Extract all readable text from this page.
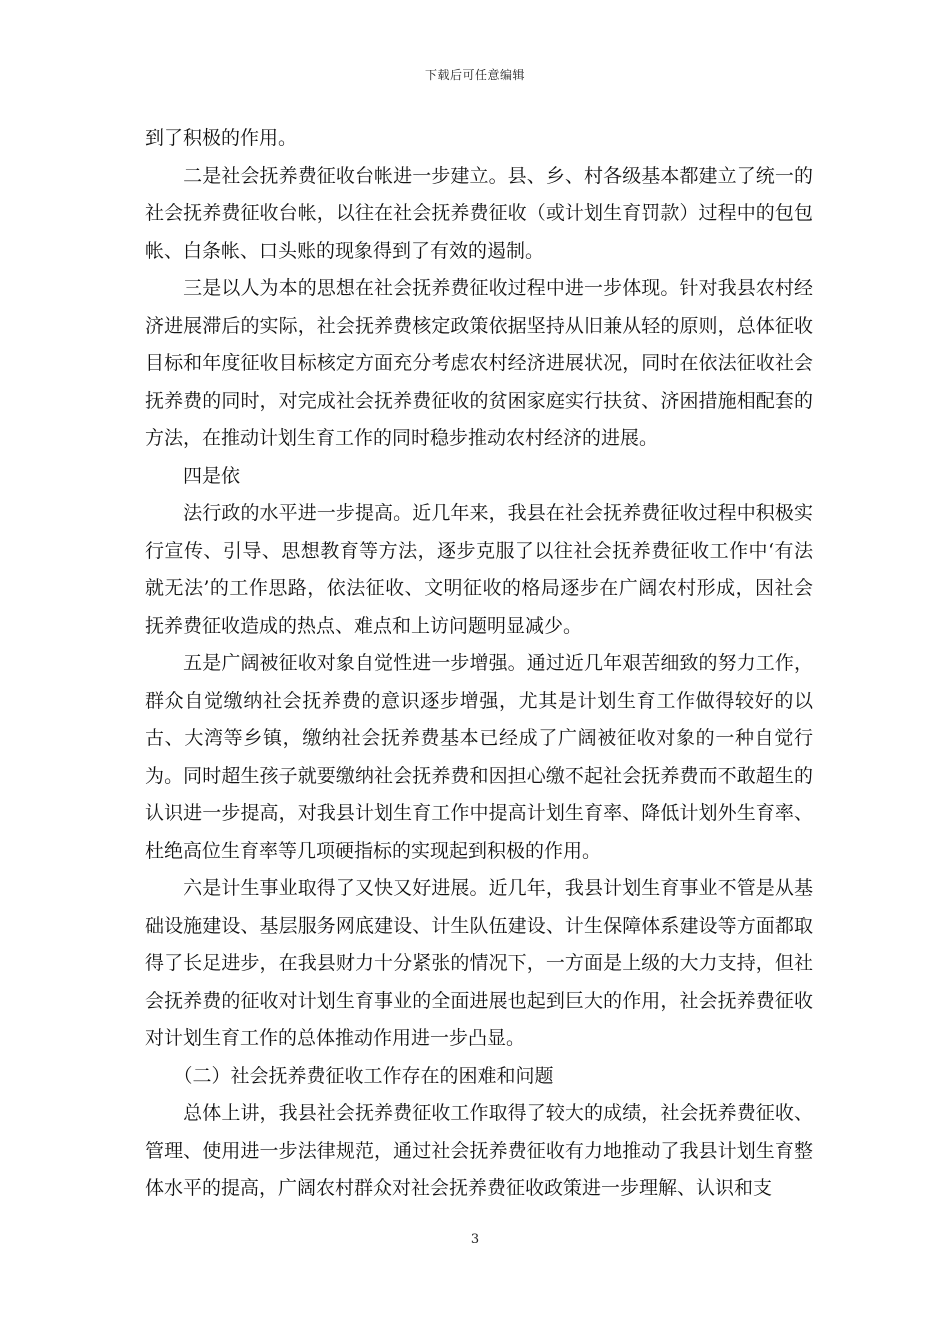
下载后可任意编辑

到了积极的作用。

　　二是社会抚养费征收台帐进一步建立。县、乡、村各级基本都建立了统一的社会抚养费征收台帐，以往在社会抚养费征收（或计划生育罚款）过程中的包包帐、白条帐、口头账的现象得到了有效的遏制。

　　三是以人为本的思想在社会抚养费征收过程中进一步体现。针对我县农村经济进展滞后的实际，社会抚养费核定政策依据坚持从旧兼从轻的原则，总体征收目标和年度征收目标核定方面充分考虑农村经济进展状况，同时在依法征收社会抚养费的同时，对完成社会抚养费征收的贫困家庭实行扶贫、济困措施相配套的方法，在推动计划生育工作的同时稳步推动农村经济的进展。

　　四是依

　　法行政的水平进一步提高。近几年来，我县在社会抚养费征收过程中积极实行宣传、引导、思想教育等方法，逐步克服了以往社会抚养费征收工作中‘有法就无法’的工作思路，依法征收、文明征收的格局逐步在广阔农村形成，因社会抚养费征收造成的热点、难点和上访问题明显减少。

　　五是广阔被征收对象自觉性进一步增强。通过近几年艰苦细致的努力工作，群众自觉缴纳社会抚养费的意识逐步增强，尤其是计划生育工作做得较好的以古、大湾等乡镇，缴纳社会抚养费基本已经成了广阔被征收对象的一种自觉行为。同时超生孩子就要缴纳社会抚养费和因担心缴不起社会抚养费而不敢超生的认识进一步提高，对我县计划生育工作中提高计划生育率、降低计划外生育率、杜绝高位生育率等几项硬指标的实现起到积极的作用。

　　六是计生事业取得了又快又好进展。近几年，我县计划生育事业不管是从基础设施建设、基层服务网底建设、计生队伍建设、计生保障体系建设等方面都取得了长足进步，在我县财力十分紧张的情况下，一方面是上级的大力支持，但社会抚养费的征收对计划生育事业的全面进展也起到巨大的作用，社会抚养费征收对计划生育工作的总体推动作用进一步凸显。

　　（二）社会抚养费征收工作存在的困难和问题

　　总体上讲，我县社会抚养费征收工作取得了较大的成绩，社会抚养费征收、管理、使用进一步法律规范，通过社会抚养费征收有力地推动了我县计划生育整体水平的提高，广阔农村群众对社会抚养费征收政策进一步理解、认识和支

3
